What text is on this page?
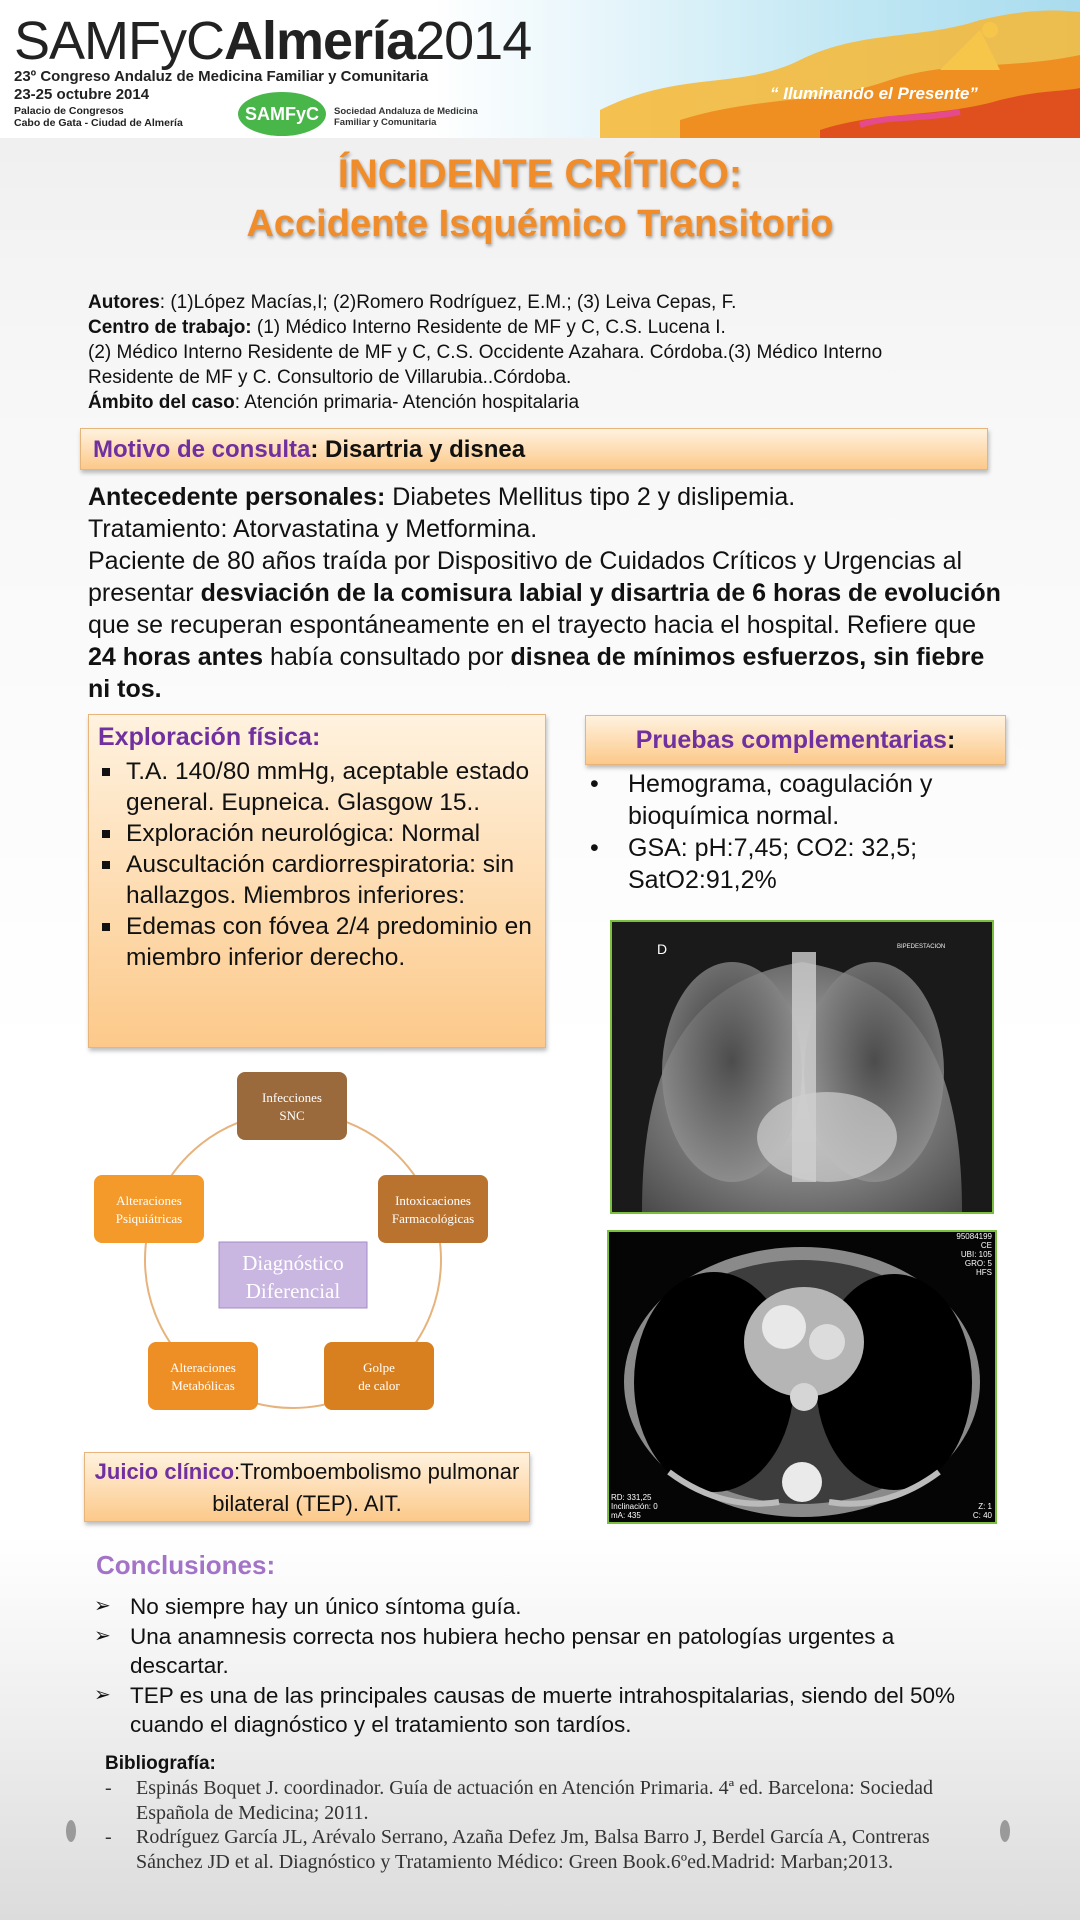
SAMFyCAlmería2014
23º Congreso Andaluz de Medicina Familiar y Comunitaria
23-25 octubre 2014
Palacio de Congresos
Cabo de Gata - Ciudad de Almería	SAMFyC	Sociedad Andaluza de Medicina
Familiar y Comunitaria
“ Iluminando el Presente”
ÍNCIDENTE CRÍTICO:
Accidente Isquémico Transitorio

Autores: (1)López Macías,I; (2)Romero Rodríguez, E.M.; (3) Leiva Cepas, F.

Centro de trabajo: (1) Médico Interno Residente de MF y C, C.S. Lucena I.

(2) Médico Interno Residente de MF y C, C.S. Occidente Azahara. Córdoba.(3) Médico Interno Residente de MF y C. Consultorio de Villarubia..Córdoba.

Ámbito del caso: Atención primaria- Atención hospitalaria

Motivo de consulta: Disartria y disnea

Antecedente personales: Diabetes Mellitus tipo 2 y dislipemia.

Tratamiento: Atorvastatina y Metformina.

Paciente de 80 años traída por Dispositivo de Cuidados Críticos y Urgencias al presentar desviación de la comisura labial y disartria de 6 horas de evolución que se recuperan espontáneamente en el trayecto hacia el hospital. Refiere que 24 horas antes había consultado por disnea de mínimos esfuerzos, sin fiebre ni tos.

Exploración física:
T.A. 140/80 mmHg, aceptable estado general. Eupneica. Glasgow 15..
Exploración neurológica: Normal
Auscultación cardiorrespiratoria: sin hallazgos. Miembros inferiores:
Edemas con fóvea 2/4 predominio en miembro inferior derecho.
Pruebas complementarias:
• Hemograma, coagulación y bioquímica normal.
• GSA: pH:7,45; CO2: 32,5; SatO2:91,2%
Infecciones
SNC
Intoxicaciones
Farmacológicas
Golpe
de calor
Alteraciones
Metabólicas
Alteraciones
Psiquiátricas
Diagnóstico
Diferencial
D	BIPEDESTACION
95084199
CE
UBI: 105
GRO: 5
HFS
RD: 331,25
Inclinación: 0
mA: 435
Z: 1
C: 40
Juicio clínico:Tromboembolismo pulmonar bilateral (TEP). AIT.
Conclusiones:
➢ No siempre hay un único síntoma guía.
➢ Una anamnesis correcta nos hubiera hecho pensar en patologías urgentes a descartar.
➢ TEP es una de las principales causas de muerte intrahospitalarias, siendo del 50% cuando el diagnóstico y el tratamiento son tardíos.
Bibliografía:
- Espinás Boquet J. coordinador. Guía de actuación en Atención Primaria. 4ª ed. Barcelona: Sociedad Española de Medicina; 2011.
- Rodríguez García JL, Arévalo Serrano, Azaña Defez Jm, Balsa Barro J, Berdel García A, Contreras Sánchez JD et al. Diagnóstico y Tratamiento Médico: Green Book.6ºed.Madrid: Marban;2013.
